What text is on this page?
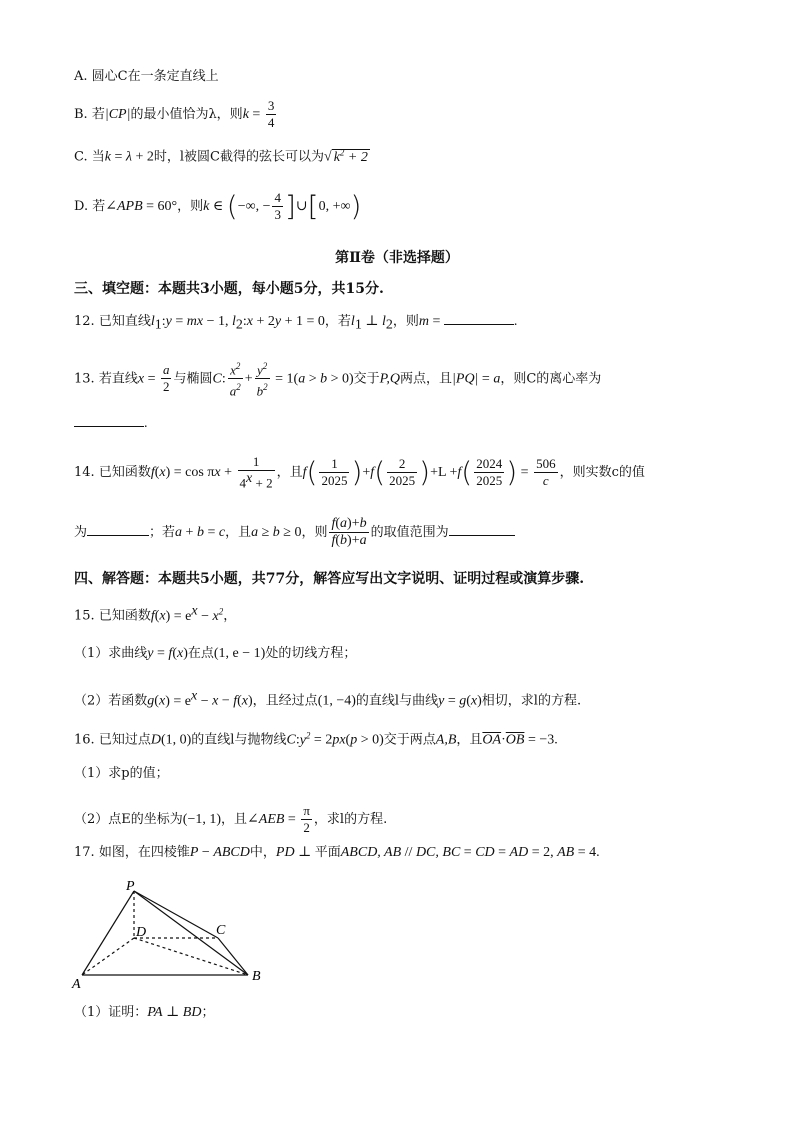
A. 圆心C在一条定直线上
B. 若|CP|的最小值恰为λ，则$k = \frac{3}{4}$
C. 当k = λ + 2时，l被圆C截得的弦长可以为√ $k^2 + 2$
D. 若∠APB = 60°，则k ∈ (−∞, − $\frac{4}{3}$ ]∪[0, +∞)
第Ⅱ卷（非选择题）
三、填空题：本题共3小题，每小题5分，共15分.
12. 已知直线$l_1:y$ = mx − 1, $l_2:x + 2y + 1 = 0$，若$l_1$ ⊥ $l_2$，则m =	.
13. 若直线$x = \frac{a}{2}$ 与椭圆C: $\frac{x^2}{a^2} + \frac{y^2}{b^2} = 1(a > b > 0)$交于P,Q两点，且|PQ| = a，则C的离心率为
.
14. 已知函数$f(x) = \cos \pi x + \frac{1}{4^x + 2}$ ，且$f( \frac{1}{2025} )+f( \frac{2}{2025} )+L +f( \frac{2024}{2025}$ ) = $\frac{506}{c}$ ，则实数c的值
为	；若a + b = c，且a ≥ b ≥ 0，则 $\frac{f(a)+b}{f(b)+a}$ 的取值范围为
四、解答题：本题共5小题，共77分，解答应写出文字说明、证明过程或演算步骤.
15. 已知函数$f(x) = e^x - x^2$，
（1）求曲线y = f(x)在点(1, e − 1)处的切线方程；
（2）若函数$g(x) = e^x - x - f(x)$，且经过点(1, −4)的直线l与曲线y = g(x)相切，求l的方程.
16. 已知过点D(1, 0)的直线l与抛物线$C:y^2 = 2px(p > 0)$交于两点A,B，且$\overline{OA}\cdot\overline{OB} = -3$.
（1）求p的值；
（2）点E的坐标为(−1, 1)，且∠AEB = $\frac{\pi}{2}$ ，求l的方程.
17. 如图，在四棱锥P − ABCD中，PD ⊥ 平面ABCD, AB // DC, BC = CD = AD = 2, AB = 4.
P
D	C
A
B
（1）证明：PA ⊥ BD；
